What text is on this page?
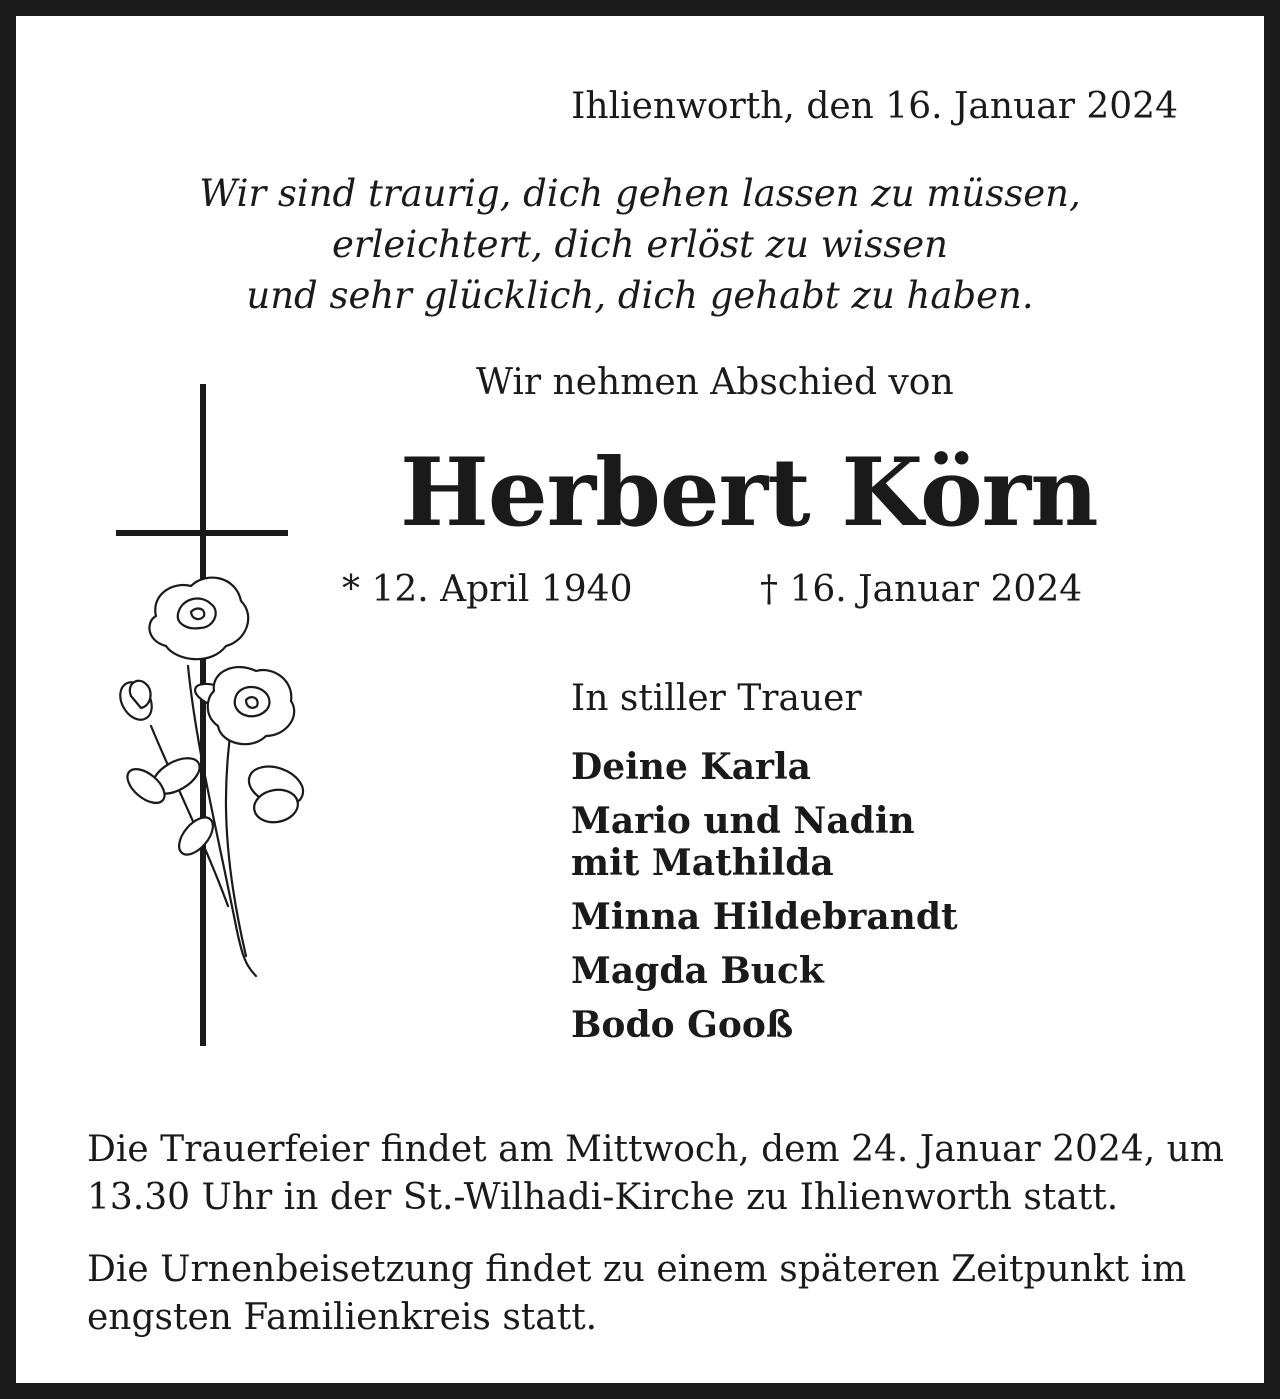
Ihlienworth, den 16. Januar 2024

Wir sind traurig, dich gehen lassen zu müssen,
erleichtert, dich erlöst zu wissen
und sehr glücklich, dich gehabt zu haben.

Wir nehmen Abschied von

Herbert Körn

* 12. April 1940	† 16. Januar 2024

In stiller Trauer

Deine Karla
Mario und Nadin
mit Mathilda
Minna Hildebrandt
Magda Buck
Bodo Gooß
Die Trauerfeier findet am Mittwoch, dem 24. Januar 2024, um
13.30 Uhr in der St.-Wilhadi-Kirche zu Ihlienworth statt.
Die Urnenbeisetzung findet zu einem späteren Zeitpunkt im
engsten Familienkreis statt.
